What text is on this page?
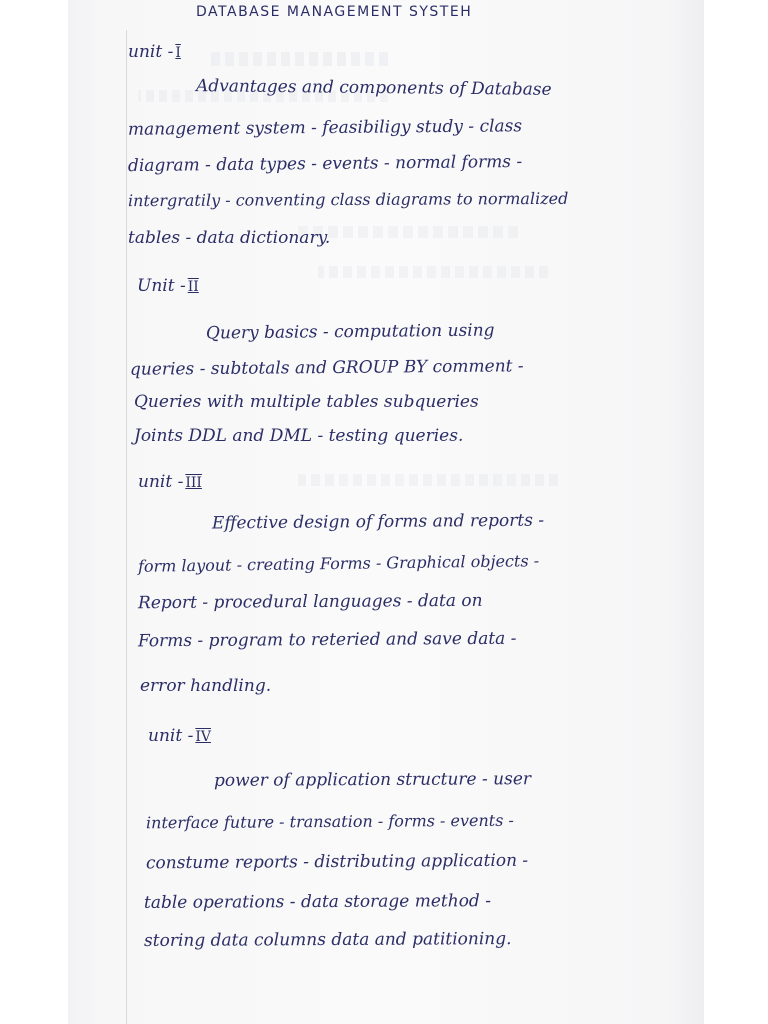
DATABASE MANAGEMENT SYSTEH
unit - I
Advantages and components of Database
management system - feasibiligy study - class
diagram - data types - events - normal forms -
intergratily - conventing class diagrams to normalized
tables - data dictionary.
Unit - II
Query basics - computation using
queries - subtotals and GROUP BY comment -
Queries with multiple tables subqueries
Joints DDL and DML - testing queries.
unit - III
Effective design of forms and reports -
form layout - creating Forms - Graphical objects -
Report - procedural languages - data on
Forms - program to reteried and save data -
error handling.
unit - IV
power of application structure - user
interface future - transation - forms - events -
constume reports - distributing application -
table operations - data storage method -
storing data columns data and patitioning.
